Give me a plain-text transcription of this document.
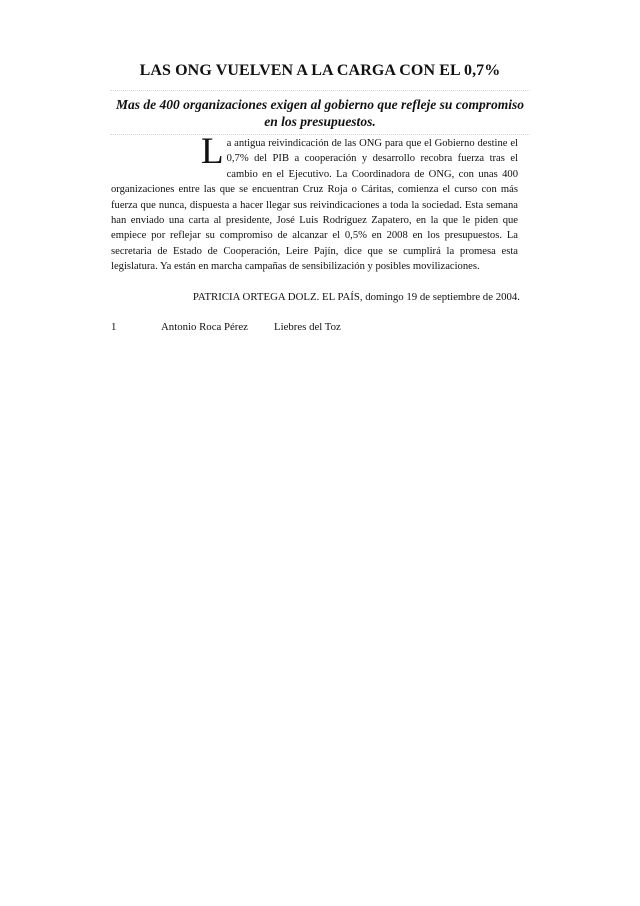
LAS ONG VUELVEN A LA CARGA CON EL 0,7%
Mas de 400 organizaciones exigen al gobierno que refleje su compromiso en los presupuestos.

L a antigua reivindicación de las ONG para que el Gobierno destine el 0,7% del PIB a cooperación y desarrollo recobra fuerza tras el cambio en el Ejecutivo. La Coordinadora de ONG, con unas 400 organizaciones entre las que se encuentran Cruz Roja o Cáritas, comienza el curso con más fuerza que nunca, dispuesta a hacer llegar sus reivindicaciones a toda la sociedad. Esta semana han enviado una carta al presidente, José Luis Rodríguez Zapatero, en la que le piden que empiece por reflejar su compromiso de alcanzar el 0,5% en 2008 en los presupuestos. La secretaria de Estado de Cooperación, Leire Pajín, dice que se cumplirá la promesa esta legislatura. Ya están en marcha campañas de sensibilización y posibles movilizaciones.

PATRICIA ORTEGA DOLZ. EL PAÍS, domingo 19 de septiembre de 2004.
1	Antonio Roca Pérez Liebres del Toz
